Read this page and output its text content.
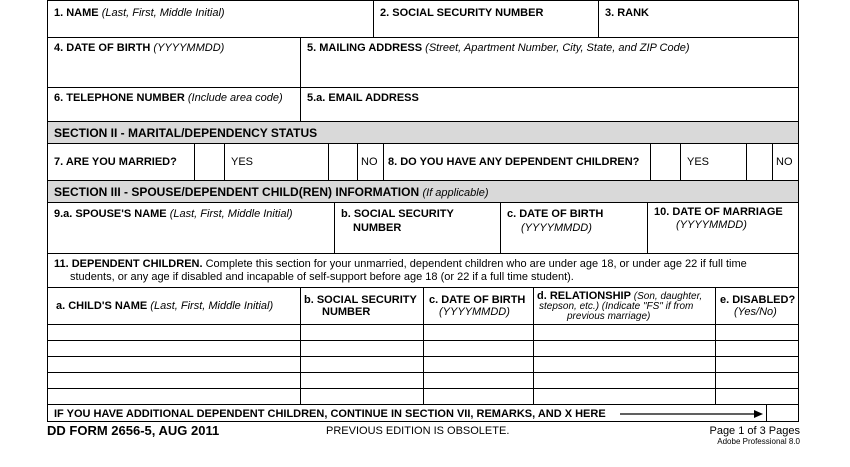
1. NAME (Last, First, Middle Initial)	2. SOCIAL SECURITY NUMBER	3. RANK
4. DATE OF BIRTH (YYYYMMDD)	5. MAILING ADDRESS (Street, Apartment Number, City, State, and ZIP Code)
6. TELEPHONE NUMBER (Include area code) 5.a. EMAIL ADDRESS
SECTION II - MARITAL/DEPENDENCY STATUS
7. ARE YOU MARRIED?	YES	NO 8. DO YOU HAVE ANY DEPENDENT CHILDREN?	YES	NO
SECTION III - SPOUSE/DEPENDENT CHILD(REN) INFORMATION (If applicable)
9.a. SPOUSE'S NAME (Last, First, Middle Initial)	b. SOCIAL SECURITY
NUMBER
c. DATE OF BIRTH
(YYYYMMDD)
10. DATE OF MARRIAGE
(YYYYMMDD)
11. DEPENDENT CHILDREN. Complete this section for your unmarried, dependent children who are under age 18, or under age 22 if full time
students, or any age if disabled and incapable of self-support before age 18 (or 22 if a full time student).
a. CHILD'S NAME (Last, First, Middle Initial)	b. SOCIAL SECURITY
NUMBER
c. DATE OF BIRTH
(YYYYMMDD)
d. RELATIONSHIP (Son, daughter,
stepson, etc.) (Indicate "FS" if from
previous marriage)
e. DISABLED?
(Yes/No)
IF YOU HAVE ADDITIONAL DEPENDENT CHILDREN, CONTINUE IN SECTION VII, REMARKS, AND X HERE
DD FORM 2656-5, AUG 2011	PREVIOUS EDITION IS OBSOLETE.	Page 1 of 3 Pages
Adobe Professional 8.0
